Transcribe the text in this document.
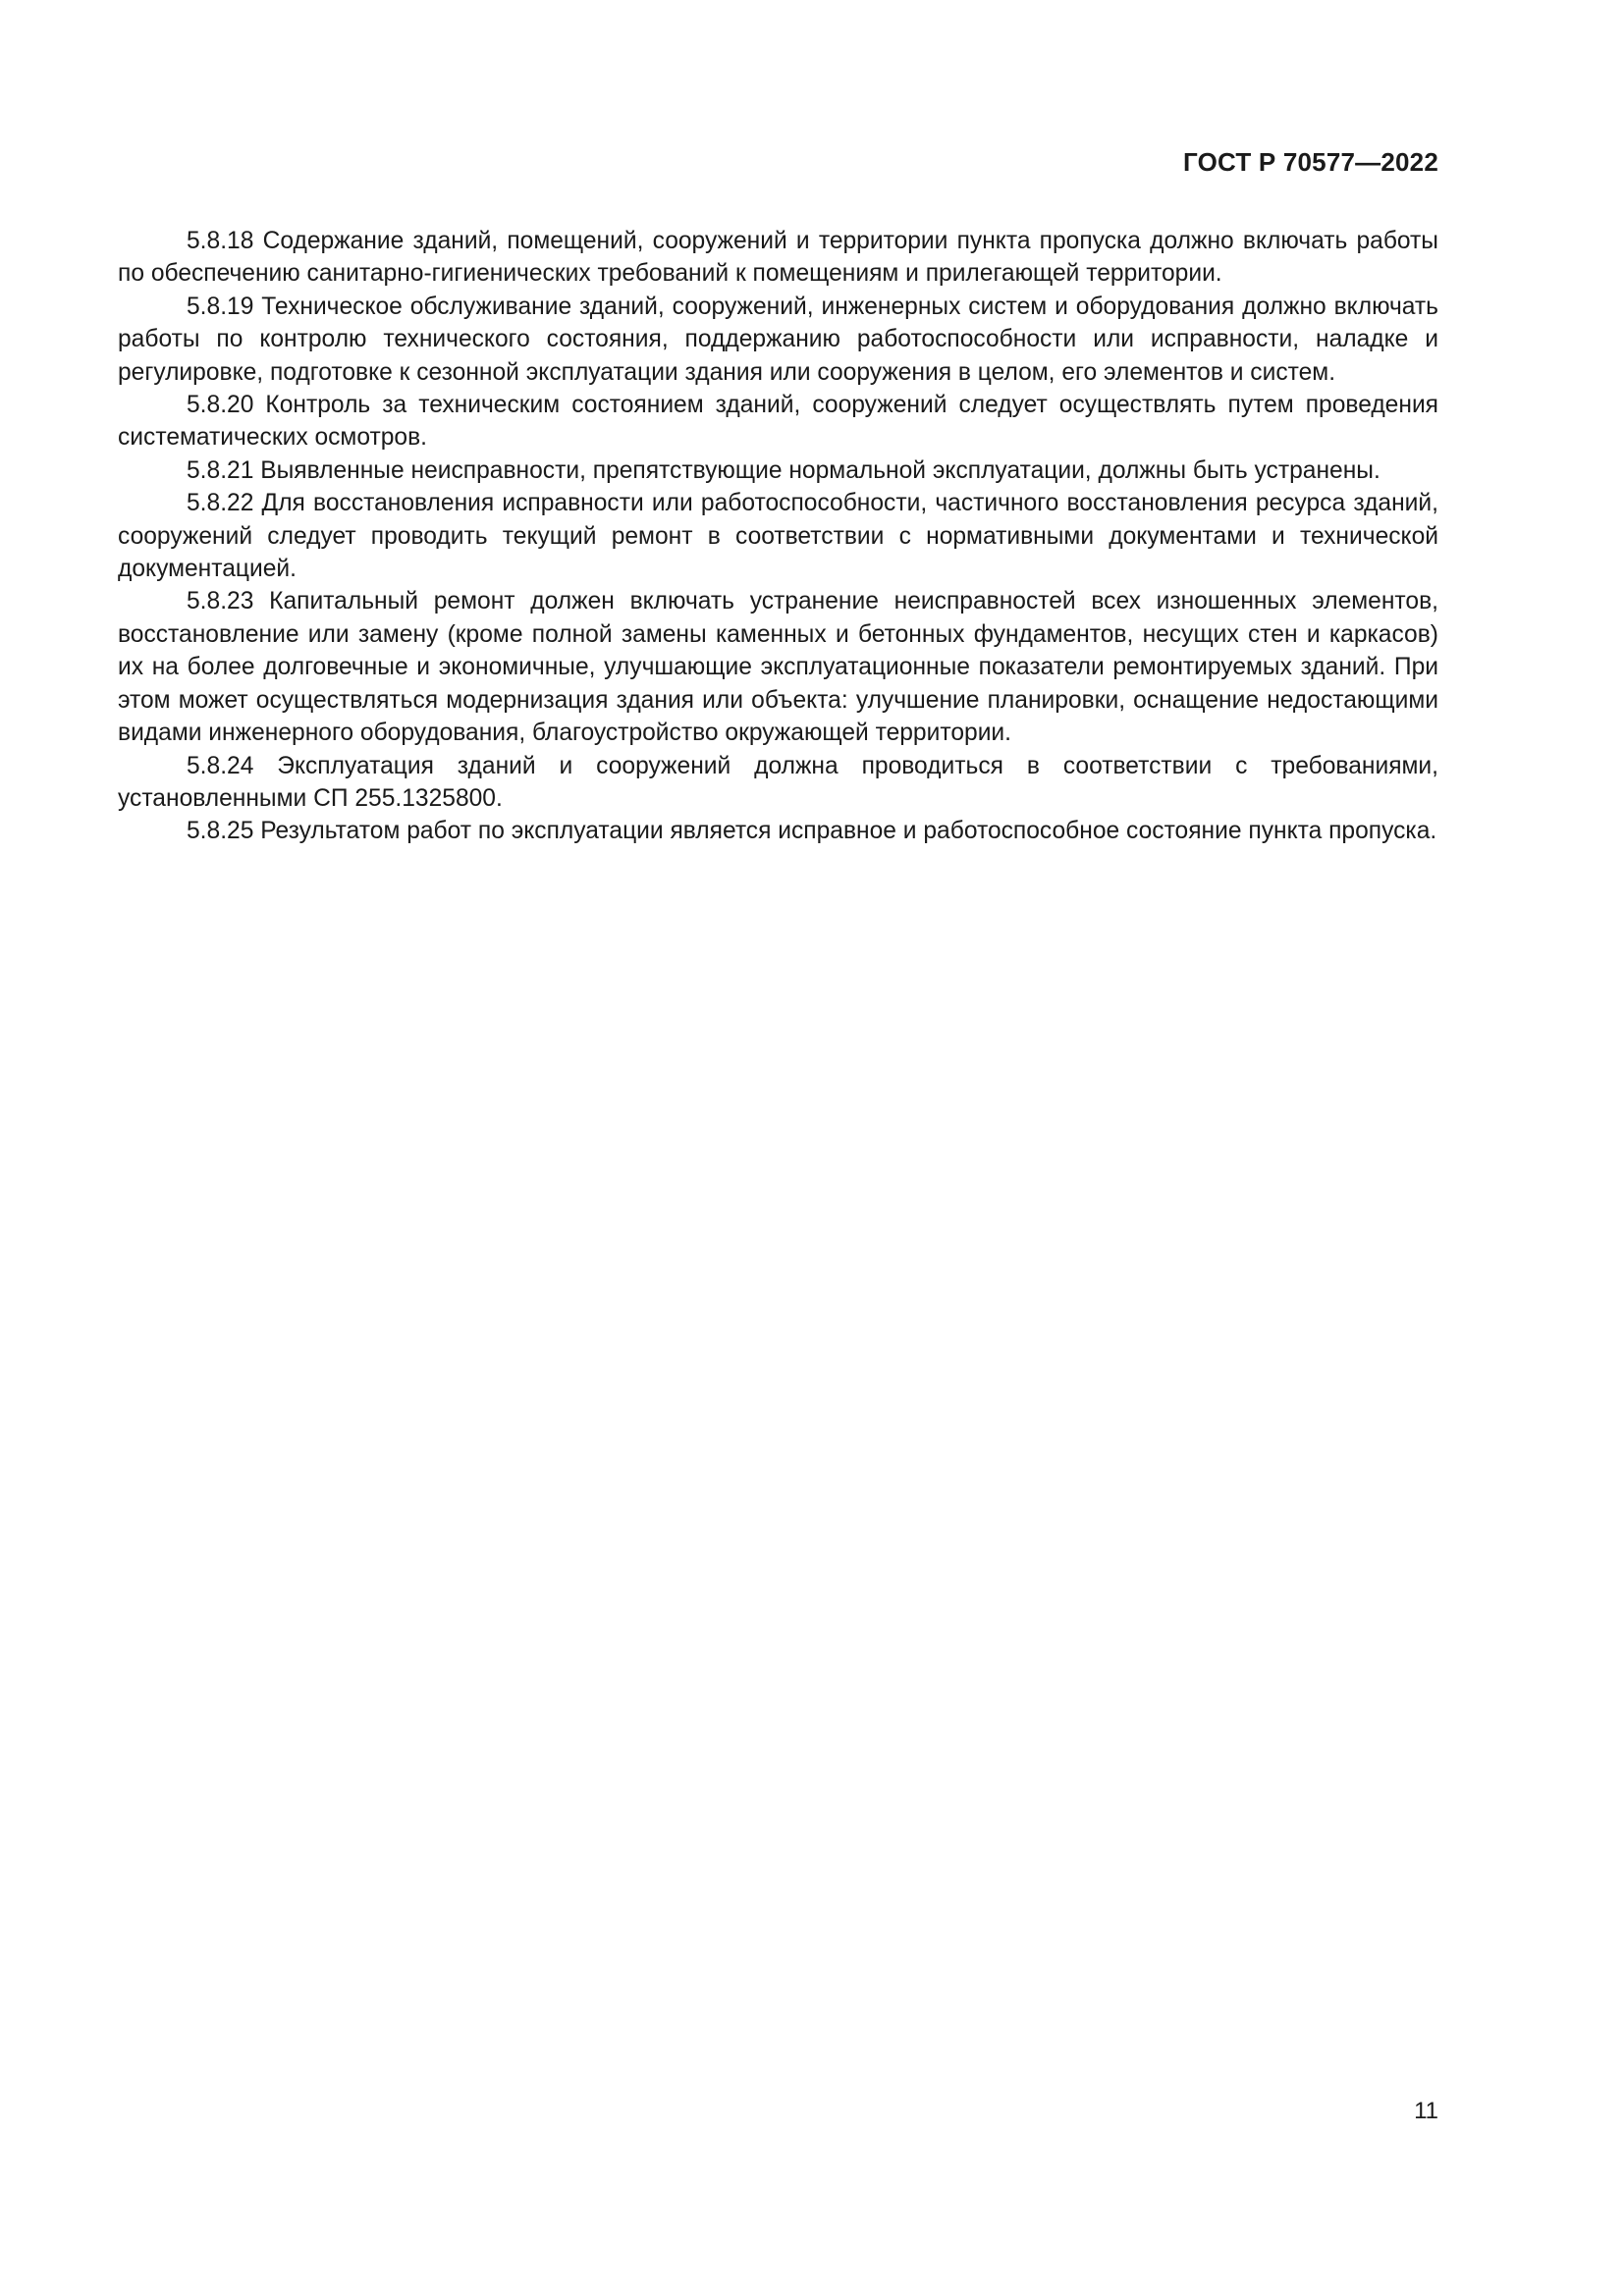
ГОСТ Р 70577—2022

5.8.18 Содержание зданий, помещений, сооружений и территории пункта пропуска должно включать работы по обеспечению санитарно-гигиенических требований к помещениям и прилегающей территории.

5.8.19 Техническое обслуживание зданий, сооружений, инженерных систем и оборудования должно включать работы по контролю технического состояния, поддержанию работоспособности или исправности, наладке и регулировке, подготовке к сезонной эксплуатации здания или сооружения в целом, его элементов и систем.

5.8.20 Контроль за техническим состоянием зданий, сооружений следует осуществлять путем проведения систематических осмотров.

5.8.21 Выявленные неисправности, препятствующие нормальной эксплуатации, должны быть устранены.

5.8.22 Для восстановления исправности или работоспособности, частичного восстановления ресурса зданий, сооружений следует проводить текущий ремонт в соответствии с нормативными документами и технической документацией.

5.8.23 Капитальный ремонт должен включать устранение неисправностей всех изношенных элементов, восстановление или замену (кроме полной замены каменных и бетонных фундаментов, несущих стен и каркасов) их на более долговечные и экономичные, улучшающие эксплуатационные показатели ремонтируемых зданий. При этом может осуществляться модернизация здания или объекта: улучшение планировки, оснащение недостающими видами инженерного оборудования, благоустройство окружающей территории.

5.8.24 Эксплуатация зданий и сооружений должна проводиться в соответствии с требованиями, установленными СП 255.1325800.

5.8.25 Результатом работ по эксплуатации является исправное и работоспособное состояние пункта пропуска.

11
